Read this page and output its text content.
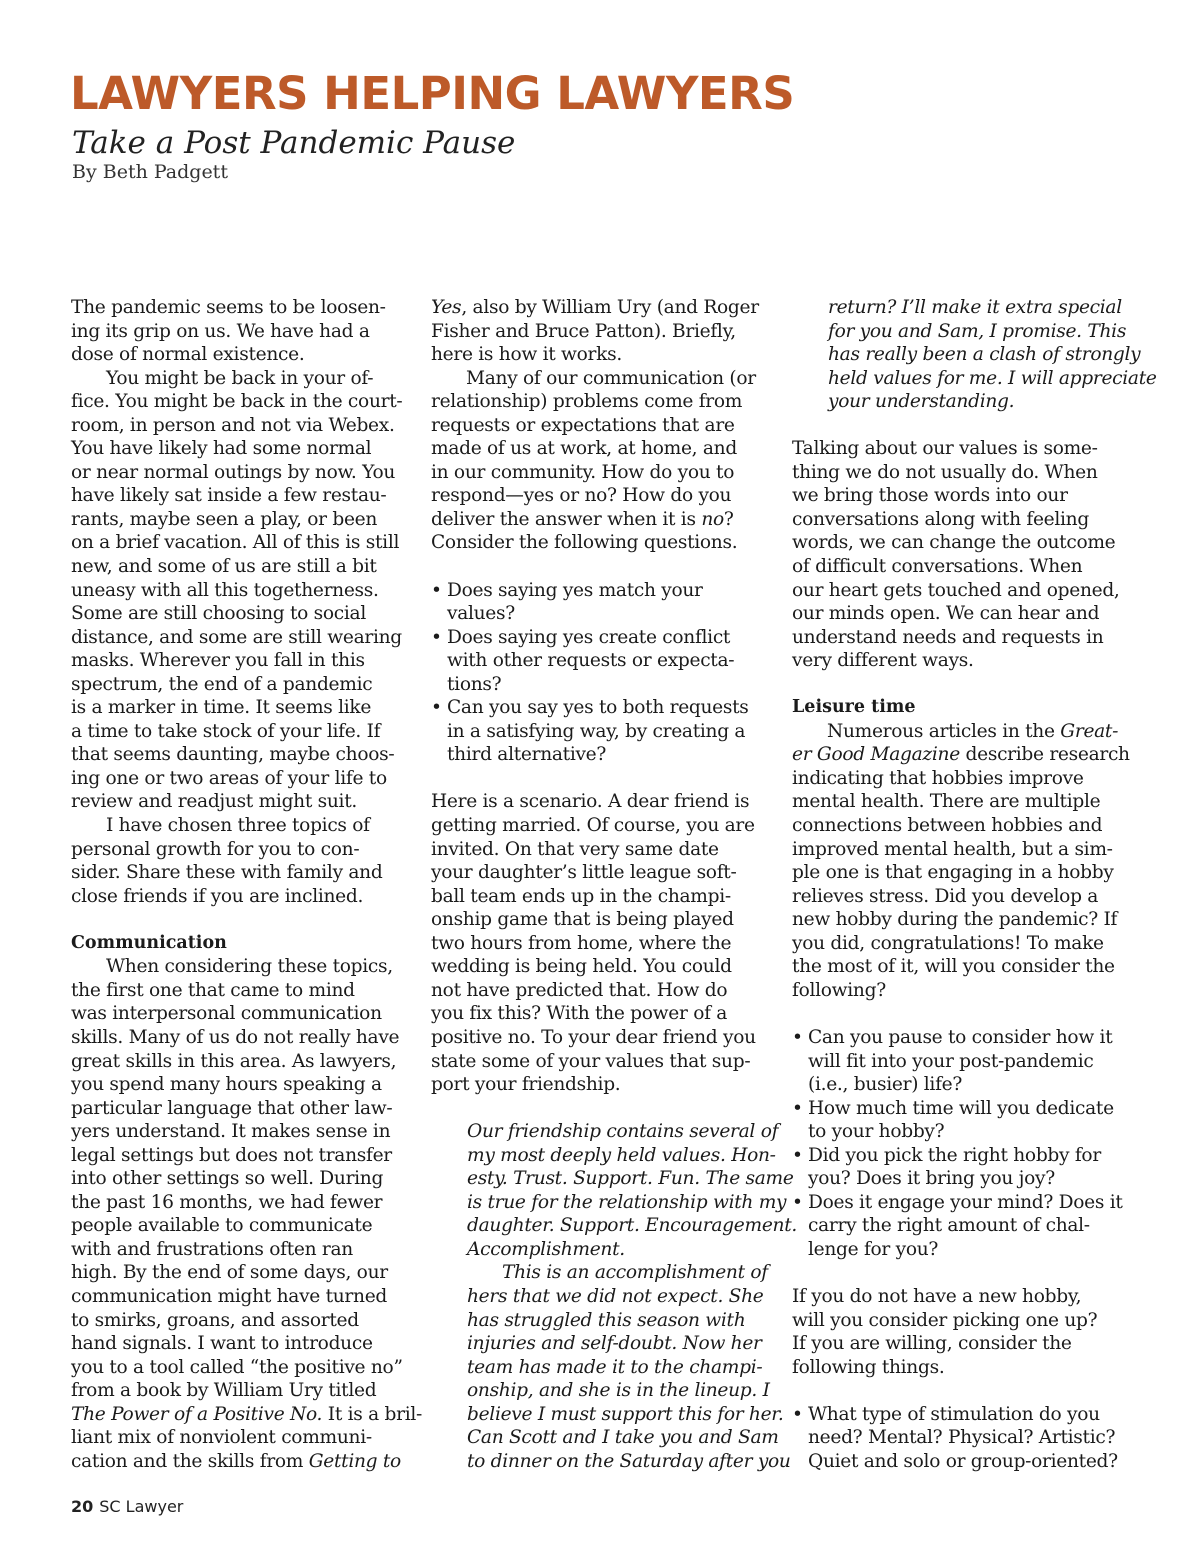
LAWYERS HELPING LAWYERS
Take a Post Pandemic Pause
By Beth Padgett
The pandemic seems to be loosen-
ing its grip on us. We have had a
dose of normal existence.
You might be back in your of-
fice. You might be back in the court-
room, in person and not via Webex.
You have likely had some normal
or near normal outings by now. You
have likely sat inside a few restau-
rants, maybe seen a play, or been
on a brief vacation. All of this is still
new, and some of us are still a bit
uneasy with all this togetherness.
Some are still choosing to social
distance, and some are still wearing
masks. Wherever you fall in this
spectrum, the end of a pandemic
is a marker in time. It seems like
a time to take stock of your life. If
that seems daunting, maybe choos-
ing one or two areas of your life to
review and readjust might suit.
I have chosen three topics of
personal growth for you to con-
sider. Share these with family and
close friends if you are inclined.
Communication
When considering these topics,
the first one that came to mind
was interpersonal communication
skills. Many of us do not really have
great skills in this area. As lawyers,
you spend many hours speaking a
particular language that other law-
yers understand. It makes sense in
legal settings but does not transfer
into other settings so well. During
the past 16 months, we had fewer
people available to communicate
with and frustrations often ran
high. By the end of some days, our
communication might have turned
to smirks, groans, and assorted
hand signals. I want to introduce
you to a tool called “the positive no”
from a book by William Ury titled
The Power of a Positive No. It is a bril-
liant mix of nonviolent communi-
cation and the skills from Getting to
Yes, also by William Ury (and Roger
Fisher and Bruce Patton). Briefly,
here is how it works.
Many of our communication (or
relationship) problems come from
requests or expectations that are
made of us at work, at home, and
in our community. How do you to
respond—yes or no? How do you
deliver the answer when it is no?
Consider the following questions.
• Does saying yes match your
values?
• Does saying yes create conflict
with other requests or expecta-
tions?
• Can you say yes to both requests
in a satisfying way, by creating a
third alternative?
Here is a scenario. A dear friend is
getting married. Of course, you are
invited. On that very same date
your daughter’s little league soft-
ball team ends up in the champi-
onship game that is being played
two hours from home, where the
wedding is being held. You could
not have predicted that. How do
you fix this? With the power of a
positive no. To your dear friend you
state some of your values that sup-
port your friendship.
Our friendship contains several of
my most deeply held values. Hon-
esty. Trust. Support. Fun. The same
is true for the relationship with my
daughter. Support. Encouragement.
Accomplishment.
This is an accomplishment of
hers that we did not expect. She
has struggled this season with
injuries and self-doubt. Now her
team has made it to the champi-
onship, and she is in the lineup. I
believe I must support this for her.
Can Scott and I take you and Sam
to dinner on the Saturday after you
return? I’ll make it extra special
for you and Sam, I promise. This
has really been a clash of strongly
held values for me. I will appreciate
your understanding.
Talking about our values is some-
thing we do not usually do. When
we bring those words into our
conversations along with feeling
words, we can change the outcome
of difficult conversations. When
our heart gets touched and opened,
our minds open. We can hear and
understand needs and requests in
very different ways.
Leisure time
Numerous articles in the Great-
er Good Magazine describe research
indicating that hobbies improve
mental health. There are multiple
connections between hobbies and
improved mental health, but a sim-
ple one is that engaging in a hobby
relieves stress. Did you develop a
new hobby during the pandemic? If
you did, congratulations! To make
the most of it, will you consider the
following?
• Can you pause to consider how it
will fit into your post-pandemic
(i.e., busier) life?
• How much time will you dedicate
to your hobby?
• Did you pick the right hobby for
you? Does it bring you joy?
• Does it engage your mind? Does it
carry the right amount of chal-
lenge for you?
If you do not have a new hobby,
will you consider picking one up?
If you are willing, consider the
following things.
• What type of stimulation do you
need? Mental? Physical? Artistic?
Quiet and solo or group-oriented?
20 SC Lawyer
